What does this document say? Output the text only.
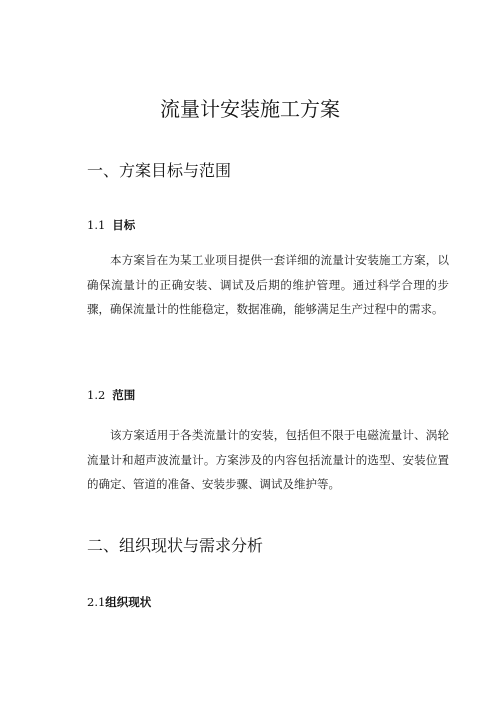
流量计安装施工方案
一、方案目标与范围
1.1 目标
本方案旨在为某工业项目提供一套详细的流量计安装施工方案，以确保流量计的正确安装、调试及后期的维护管理。通过科学合理的步骤，确保流量计的性能稳定，数据准确，能够满足生产过程中的需求。
1.2 范围
该方案适用于各类流量计的安装，包括但不限于电磁流量计、涡轮流量计和超声波流量计。方案涉及的内容包括流量计的选型、安装位置的确定、管道的准备、安装步骤、调试及维护等。
二、组织现状与需求分析
2.1组织现状
